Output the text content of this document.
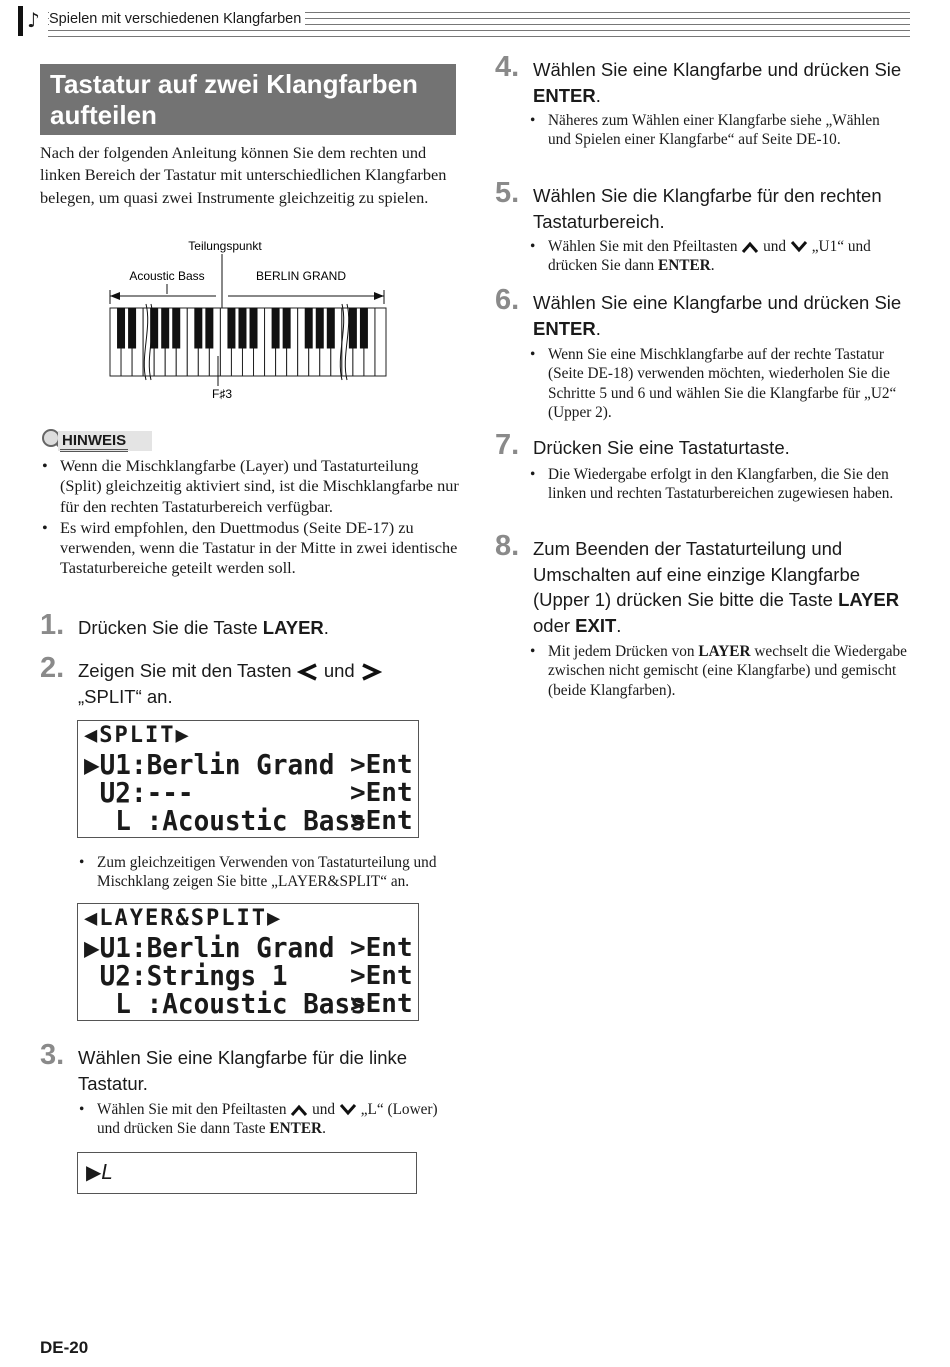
♪ Spielen mit verschiedenen Klangfarben
Tastatur auf zwei Klangfarben aufteilen
Nach der folgenden Anleitung können Sie dem rechten und linken Bereich der Tastatur mit unterschiedlichen Klangfarben belegen, um quasi zwei Instrumente gleichzeitig zu spielen.
Teilungspunkt
Acoustic Bass	BERLIN GRAND
F♯3
HINWEIS
• Wenn die Mischklangfarbe (Layer) und Tastaturteilung (Split) gleichzeitig aktiviert sind, ist die Mischklangfarbe nur für den rechten Tastaturbereich verfügbar.
• Es wird empfohlen, den Duettmodus (Seite DE-17) zu verwenden, wenn die Tastatur in der Mitte in zwei identische Tastaturbereiche geteilt werden soll.
1. Drücken Sie die Taste LAYER.
2. Zeigen Sie mit den Tasten und
„SPLIT“ an.
◀SPLIT▶
▶U1:Berlin Grand >Ent
U2:---	>Ent
L :Acoustic Bass
>Ent
• Zum gleichzeitigen Verwenden von Tastaturteilung und Mischklang zeigen Sie bitte „LAYER&SPLIT“ an.
◀LAYER&SPLIT▶
▶U1:Berlin Grand >Ent
U2:Strings 1 >Ent
L :Acoustic Bass
>Ent
3. Wählen Sie eine Klangfarbe für die linke Tastatur.
• Wählen Sie mit den Pfeiltasten und „L“ (Lower) und drücken Sie dann Taste ENTER.
▶L
4. Wählen Sie eine Klangfarbe und drücken Sie ENTER.
• Näheres zum Wählen einer Klangfarbe siehe „Wählen und Spielen einer Klangfarbe“ auf Seite DE-10.
5. Wählen Sie die Klangfarbe für den rechten Tastaturbereich.
• Wählen Sie mit den Pfeiltasten und „U1“ und drücken Sie dann ENTER.
6. Wählen Sie eine Klangfarbe und drücken Sie ENTER.
• Wenn Sie eine Mischklangfarbe auf der rechte Tastatur (Seite DE-18) verwenden möchten, wiederholen Sie die Schritte 5 und 6 und wählen Sie die Klangfarbe für „U2“ (Upper 2).
7. Drücken Sie eine Tastaturtaste.
• Die Wiedergabe erfolgt in den Klangfarben, die Sie den linken und rechten Tastaturbereichen zugewiesen haben.
8. Zum Beenden der Tastaturteilung und Umschalten auf eine einzige Klangfarbe (Upper 1) drücken Sie bitte die Taste LAYER oder EXIT.
• Mit jedem Drücken von LAYER wechselt die Wiedergabe zwischen nicht gemischt (eine Klangfarbe) und gemischt (beide Klangfarben).
DE-20
